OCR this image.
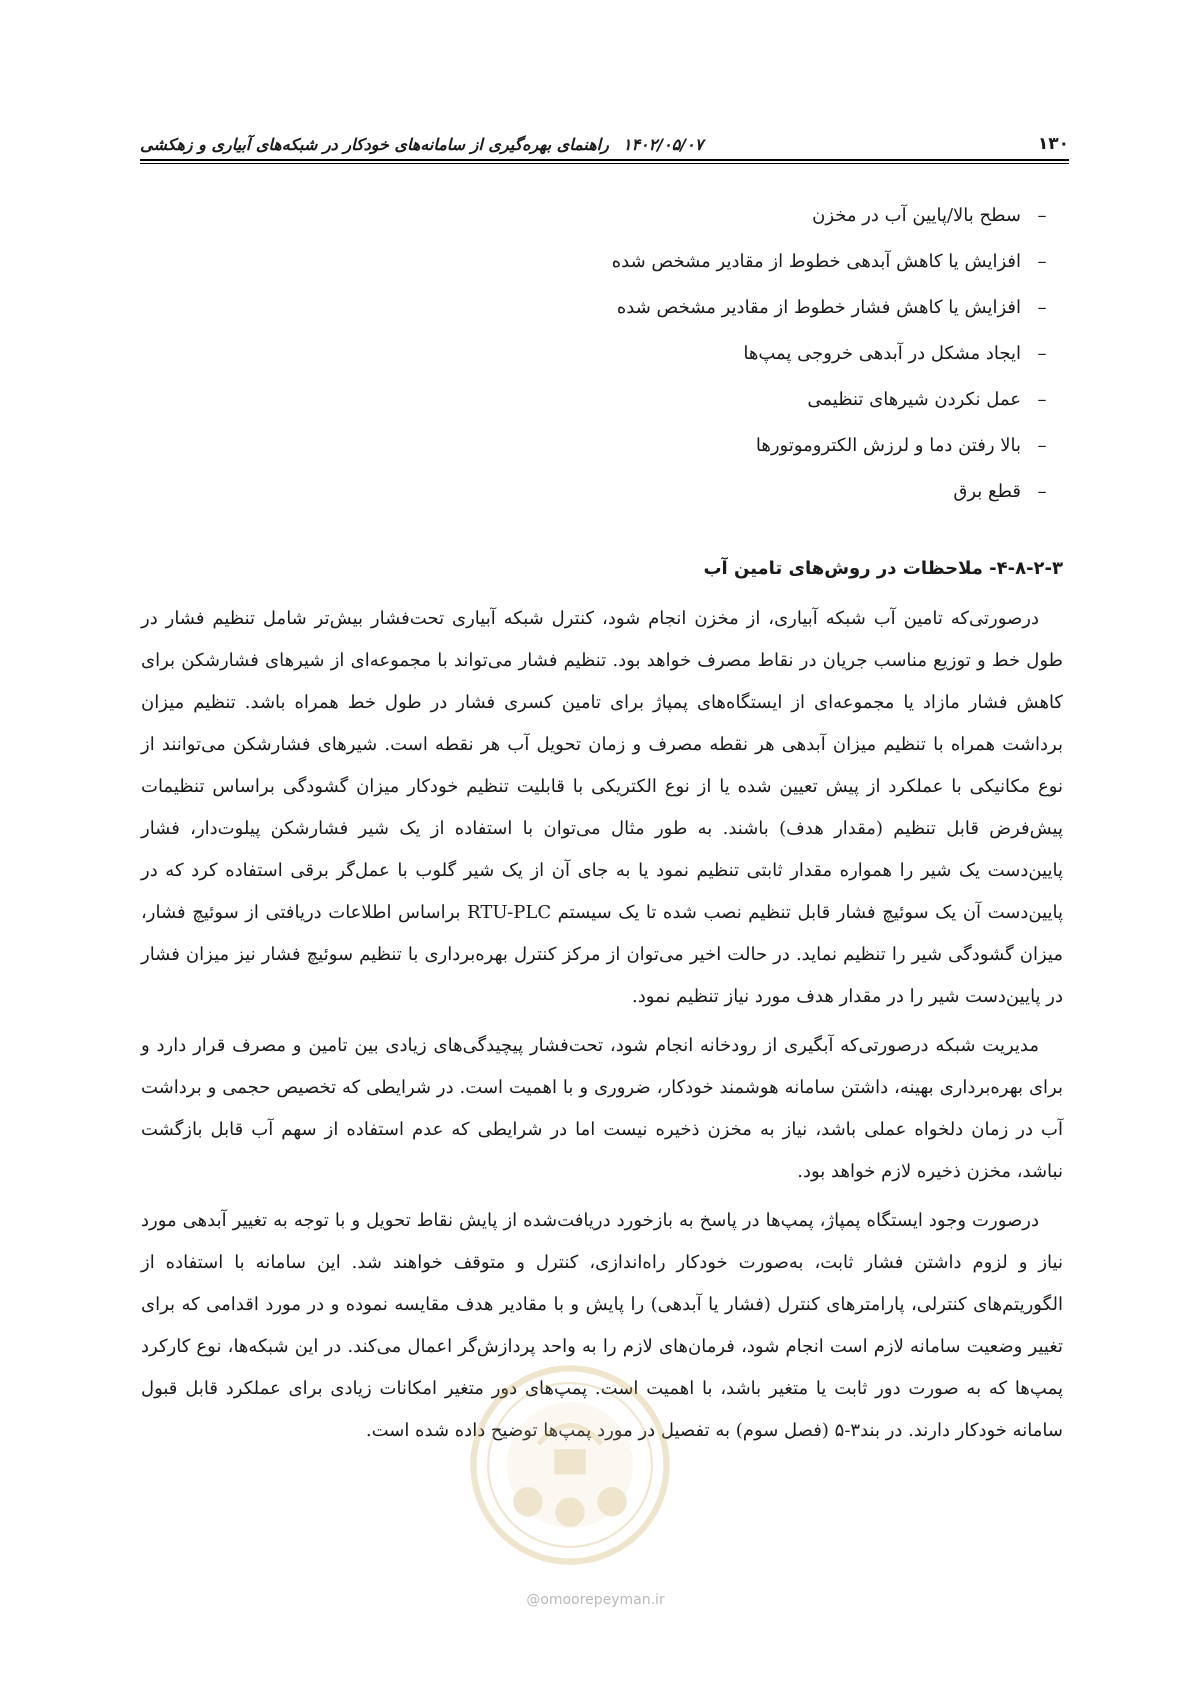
۱۳۰
۱۴۰۲/۰۵/۰۷
راهنمای بهره‌گیری از سامانه‌های خودکار در شبکه‌های آبیاری و زهکشی
–
سطح بالا/پایین آب در مخزن
–
افزایش یا کاهش آبدهی خطوط از مقادیر مشخص شده
–
افزایش یا کاهش فشار خطوط از مقادیر مشخص شده
–
ایجاد مشکل در آبدهی خروجی پمپ‌ها
–
عمل نکردن شیرهای تنظیمی
–
بالا رفتن دما و لرزش الکتروموتورها
–
قطع برق
۴-۸-۲-۳- ملاحظات در روش‌های تامین آب

درصورتی‌که تامین آب شبکه آبیاری، از مخزن انجام شود، کنترل شبکه آبیاری تحت‌فشار بیش‌تر شامل تنظیم فشار در طول خط و توزیع مناسب جریان در نقاط مصرف خواهد بود. تنظیم فشار می‌تواند با مجموعه‌ای از شیرهای فشارشکن برای کاهش فشار مازاد یا مجموعه‌ای از ایستگاه‌های پمپاژ برای تامین کسری فشار در طول خط همراه باشد. تنظیم میزان برداشت همراه با تنظیم میزان آبدهی هر نقطه مصرف و زمان تحویل آب هر نقطه است. شیرهای فشارشکن می‌توانند از نوع مکانیکی با عملکرد از پیش تعیین شده یا از نوع الکتریکی با قابلیت تنظیم خودکار میزان گشودگی براساس تنظیمات پیش‌فرض قابل تنظیم (مقدار هدف) باشند. به طور مثال می‌توان با استفاده از یک شیر فشارشکن پیلوت‌دار، فشار پایین‌دست یک شیر را همواره مقدار ثابتی تنظیم نمود یا به جای آن از یک شیر گلوب با عمل‌گر برقی استفاده کرد که در پایین‌دست آن یک سوئیچ فشار قابل تنظیم نصب شده تا یک سیستم RTU-PLC براساس اطلاعات دریافتی از سوئیچ فشار، میزان گشودگی شیر را تنظیم نماید. در حالت اخیر می‌توان از مرکز کنترل بهره‌برداری با تنظیم سوئیچ فشار نیز میزان فشار در پایین‌دست شیر را در مقدار هدف مورد نیاز تنظیم نمود.

مدیریت شبکه درصورتی‌که آبگیری از رودخانه انجام شود، تحت‌فشار پیچیدگی‌های زیادی بین تامین و مصرف قرار دارد و برای بهره‌برداری بهینه، داشتن سامانه هوشمند خودکار، ضروری و با اهمیت است. در شرایطی که تخصیص حجمی و برداشت آب در زمان دلخواه عملی باشد، نیاز به مخزن ذخیره نیست اما در شرایطی که عدم استفاده از سهم آب قابل بازگشت نباشد، مخزن ذخیره لازم خواهد بود.

درصورت وجود ایستگاه پمپاژ، پمپ‌ها در پاسخ به بازخورد دریافت‌شده از پایش نقاط تحویل و با توجه به تغییر آبدهی مورد نیاز و لزوم داشتن فشار ثابت، به‌صورت خودکار راه‌اندازی، کنترل و متوقف خواهند شد. این سامانه با استفاده از الگوریتم‌های کنترلی، پارامترهای کنترل (فشار یا آبدهی) را پایش و با مقادیر هدف مقایسه نموده و در مورد اقدامی که برای تغییر وضعیت سامانه لازم است انجام شود، فرمان‌های لازم را به واحد پردازش‌گر اعمال می‌کند. در این شبکه‌ها، نوع کارکرد پمپ‌ها که به صورت دور ثابت یا متغیر باشد، با اهمیت است. پمپ‌های دور متغیر امکانات زیادی برای عملکرد قابل قبول سامانه خودکار دارند. در بند۳-۵ (فصل سوم) به تفصیل در مورد پمپ‌ها توضیح داده شده است.

@omoorepeyman.ir
